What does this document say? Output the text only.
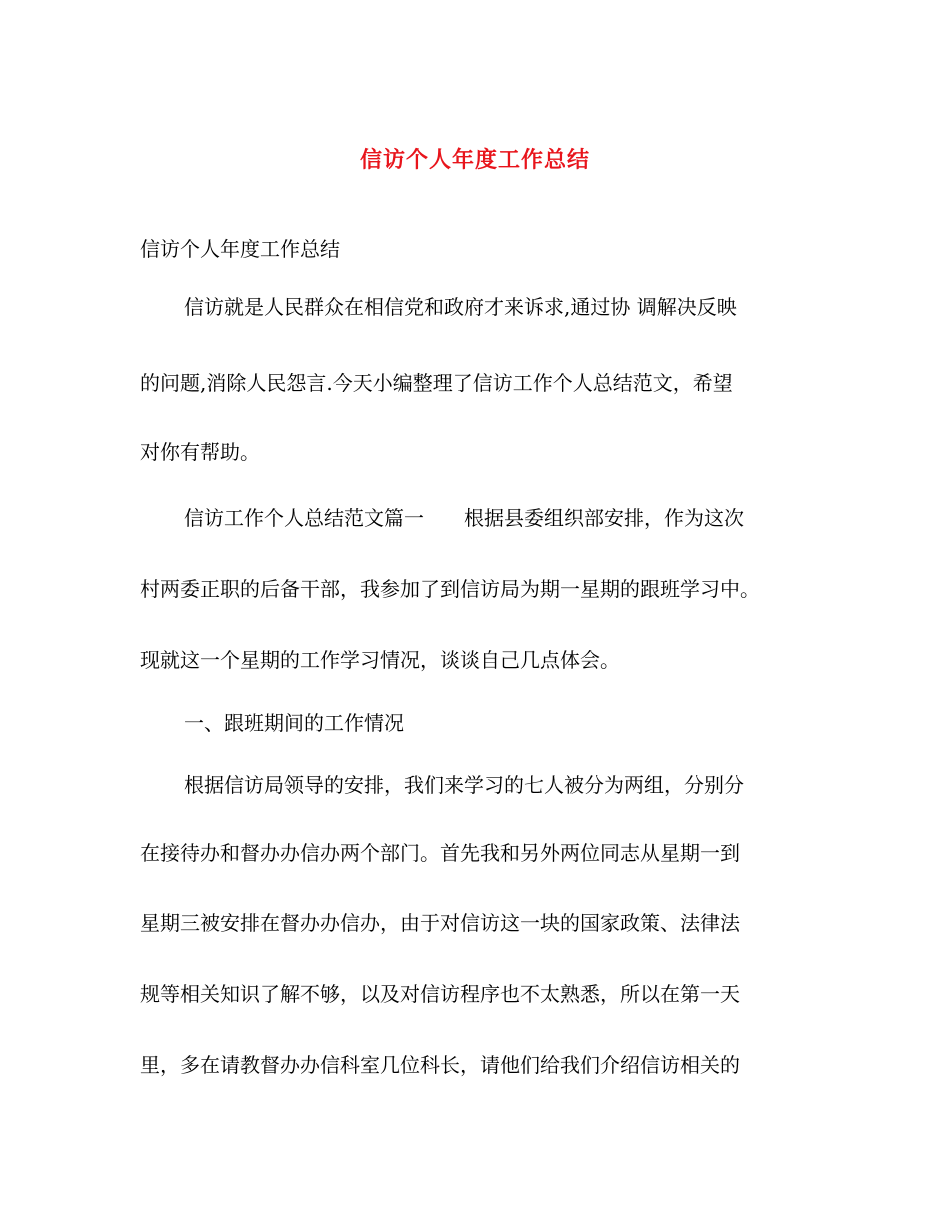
信访个人年度工作总结
信访个人年度工作总结
信访就是人民群众在相信党和政府才来诉求,通过协 调解决反映
的问题,消除人民怨言.今天小编整理了信访工作个人总结范文，希望
对你有帮助。
信访工作个人总结范文篇一　　根据县委组织部安排，作为这次
村两委正职的后备干部，我参加了到信访局为期一星期的跟班学习中。
现就这一个星期的工作学习情况，谈谈自己几点体会。
一、跟班期间的工作情况
根据信访局领导的安排，我们来学习的七人被分为两组，分别分
在接待办和督办办信办两个部门。首先我和另外两位同志从星期一到
星期三被安排在督办办信办，由于对信访这一块的国家政策、法律法
规等相关知识了解不够，以及对信访程序也不太熟悉，所以在第一天
里，多在请教督办办信科室几位科长，请他们给我们介绍信访相关的
